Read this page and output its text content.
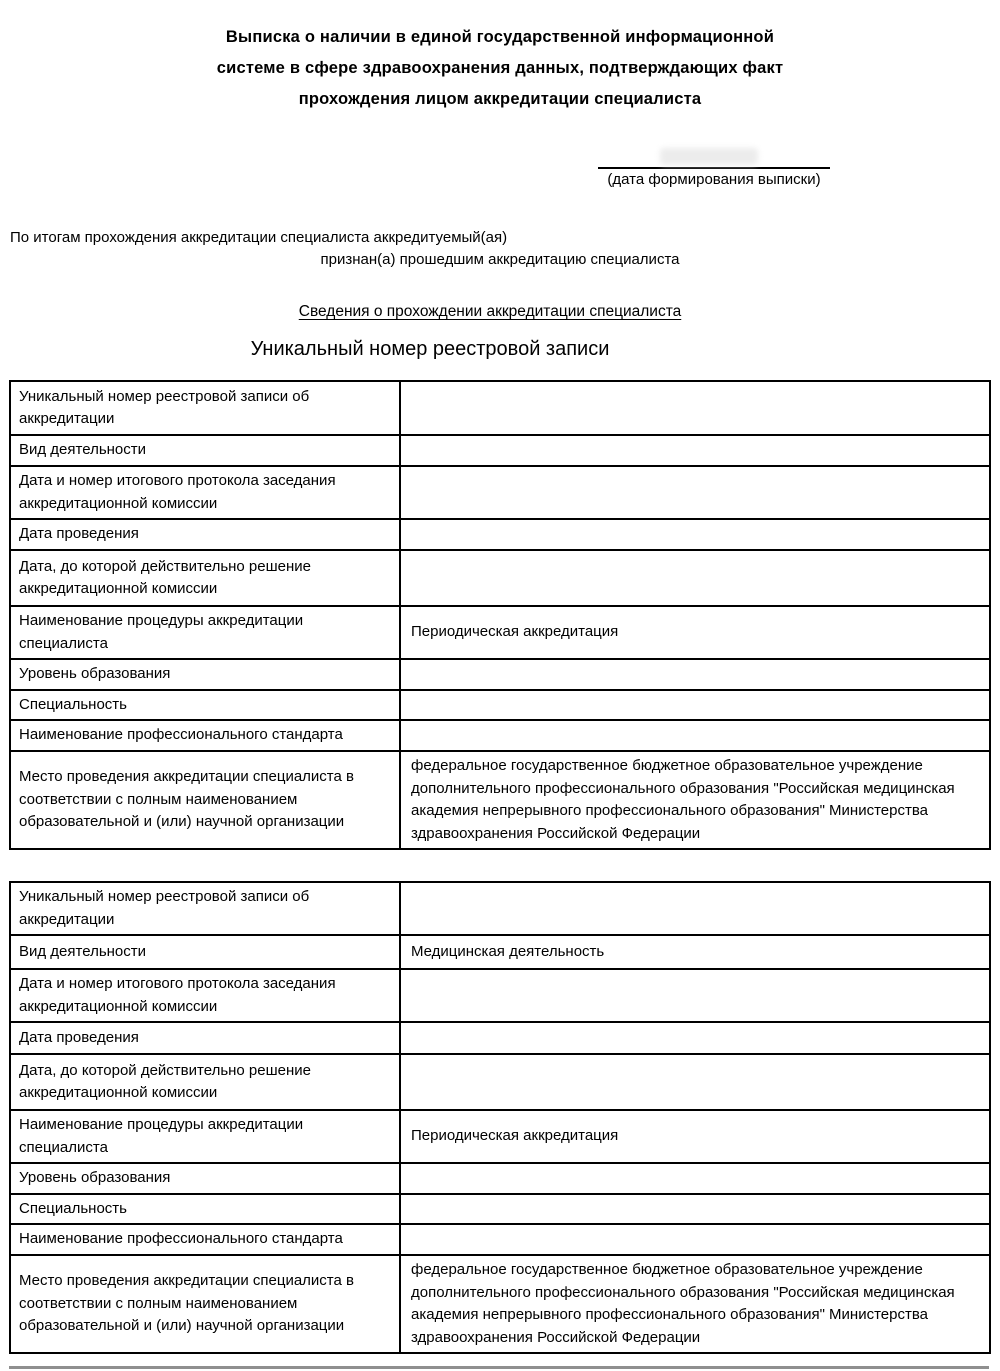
Выписка о наличии в единой государственной информационной
системе в сфере здравоохранения данных, подтверждающих факт
прохождения лицом аккредитации специалиста
(дата формирования выписки)
По итогам прохождения аккредитации специалиста аккредитуемый(ая)
признан(а) прошедшим аккредитацию специалиста
Сведения о прохождении аккредитации специалиста
Уникальный номер реестровой записи
Уникальный номер реестровой записи об аккредитации	
Вид деятельности	
Дата и номер итогового протокола заседания аккредитационной комиссии	
Дата проведения	
Дата, до которой действительно решение аккредитационной комиссии	
Наименование процедуры аккредитации специалиста	Периодическая аккредитация
Уровень образования	
Специальность	
Наименование профессионального стандарта	
Место проведения аккредитации специалиста в соответствии с полным наименованием образовательной и (или) научной организации	федеральное государственное бюджетное образовательное учреждение дополнительного профессионального образования "Российская медицинская академия непрерывного профессионального образования" Министерства здравоохранения Российской Федерации
Уникальный номер реестровой записи об аккредитации	
Вид деятельности	Медицинская деятельность
Дата и номер итогового протокола заседания аккредитационной комиссии	
Дата проведения	
Дата, до которой действительно решение аккредитационной комиссии	
Наименование процедуры аккредитации специалиста	Периодическая аккредитация
Уровень образования	
Специальность	
Наименование профессионального стандарта	
Место проведения аккредитации специалиста в соответствии с полным наименованием образовательной и (или) научной организации	федеральное государственное бюджетное образовательное учреждение дополнительного профессионального образования "Российская медицинская академия непрерывного профессионального образования" Министерства здравоохранения Российской Федерации
